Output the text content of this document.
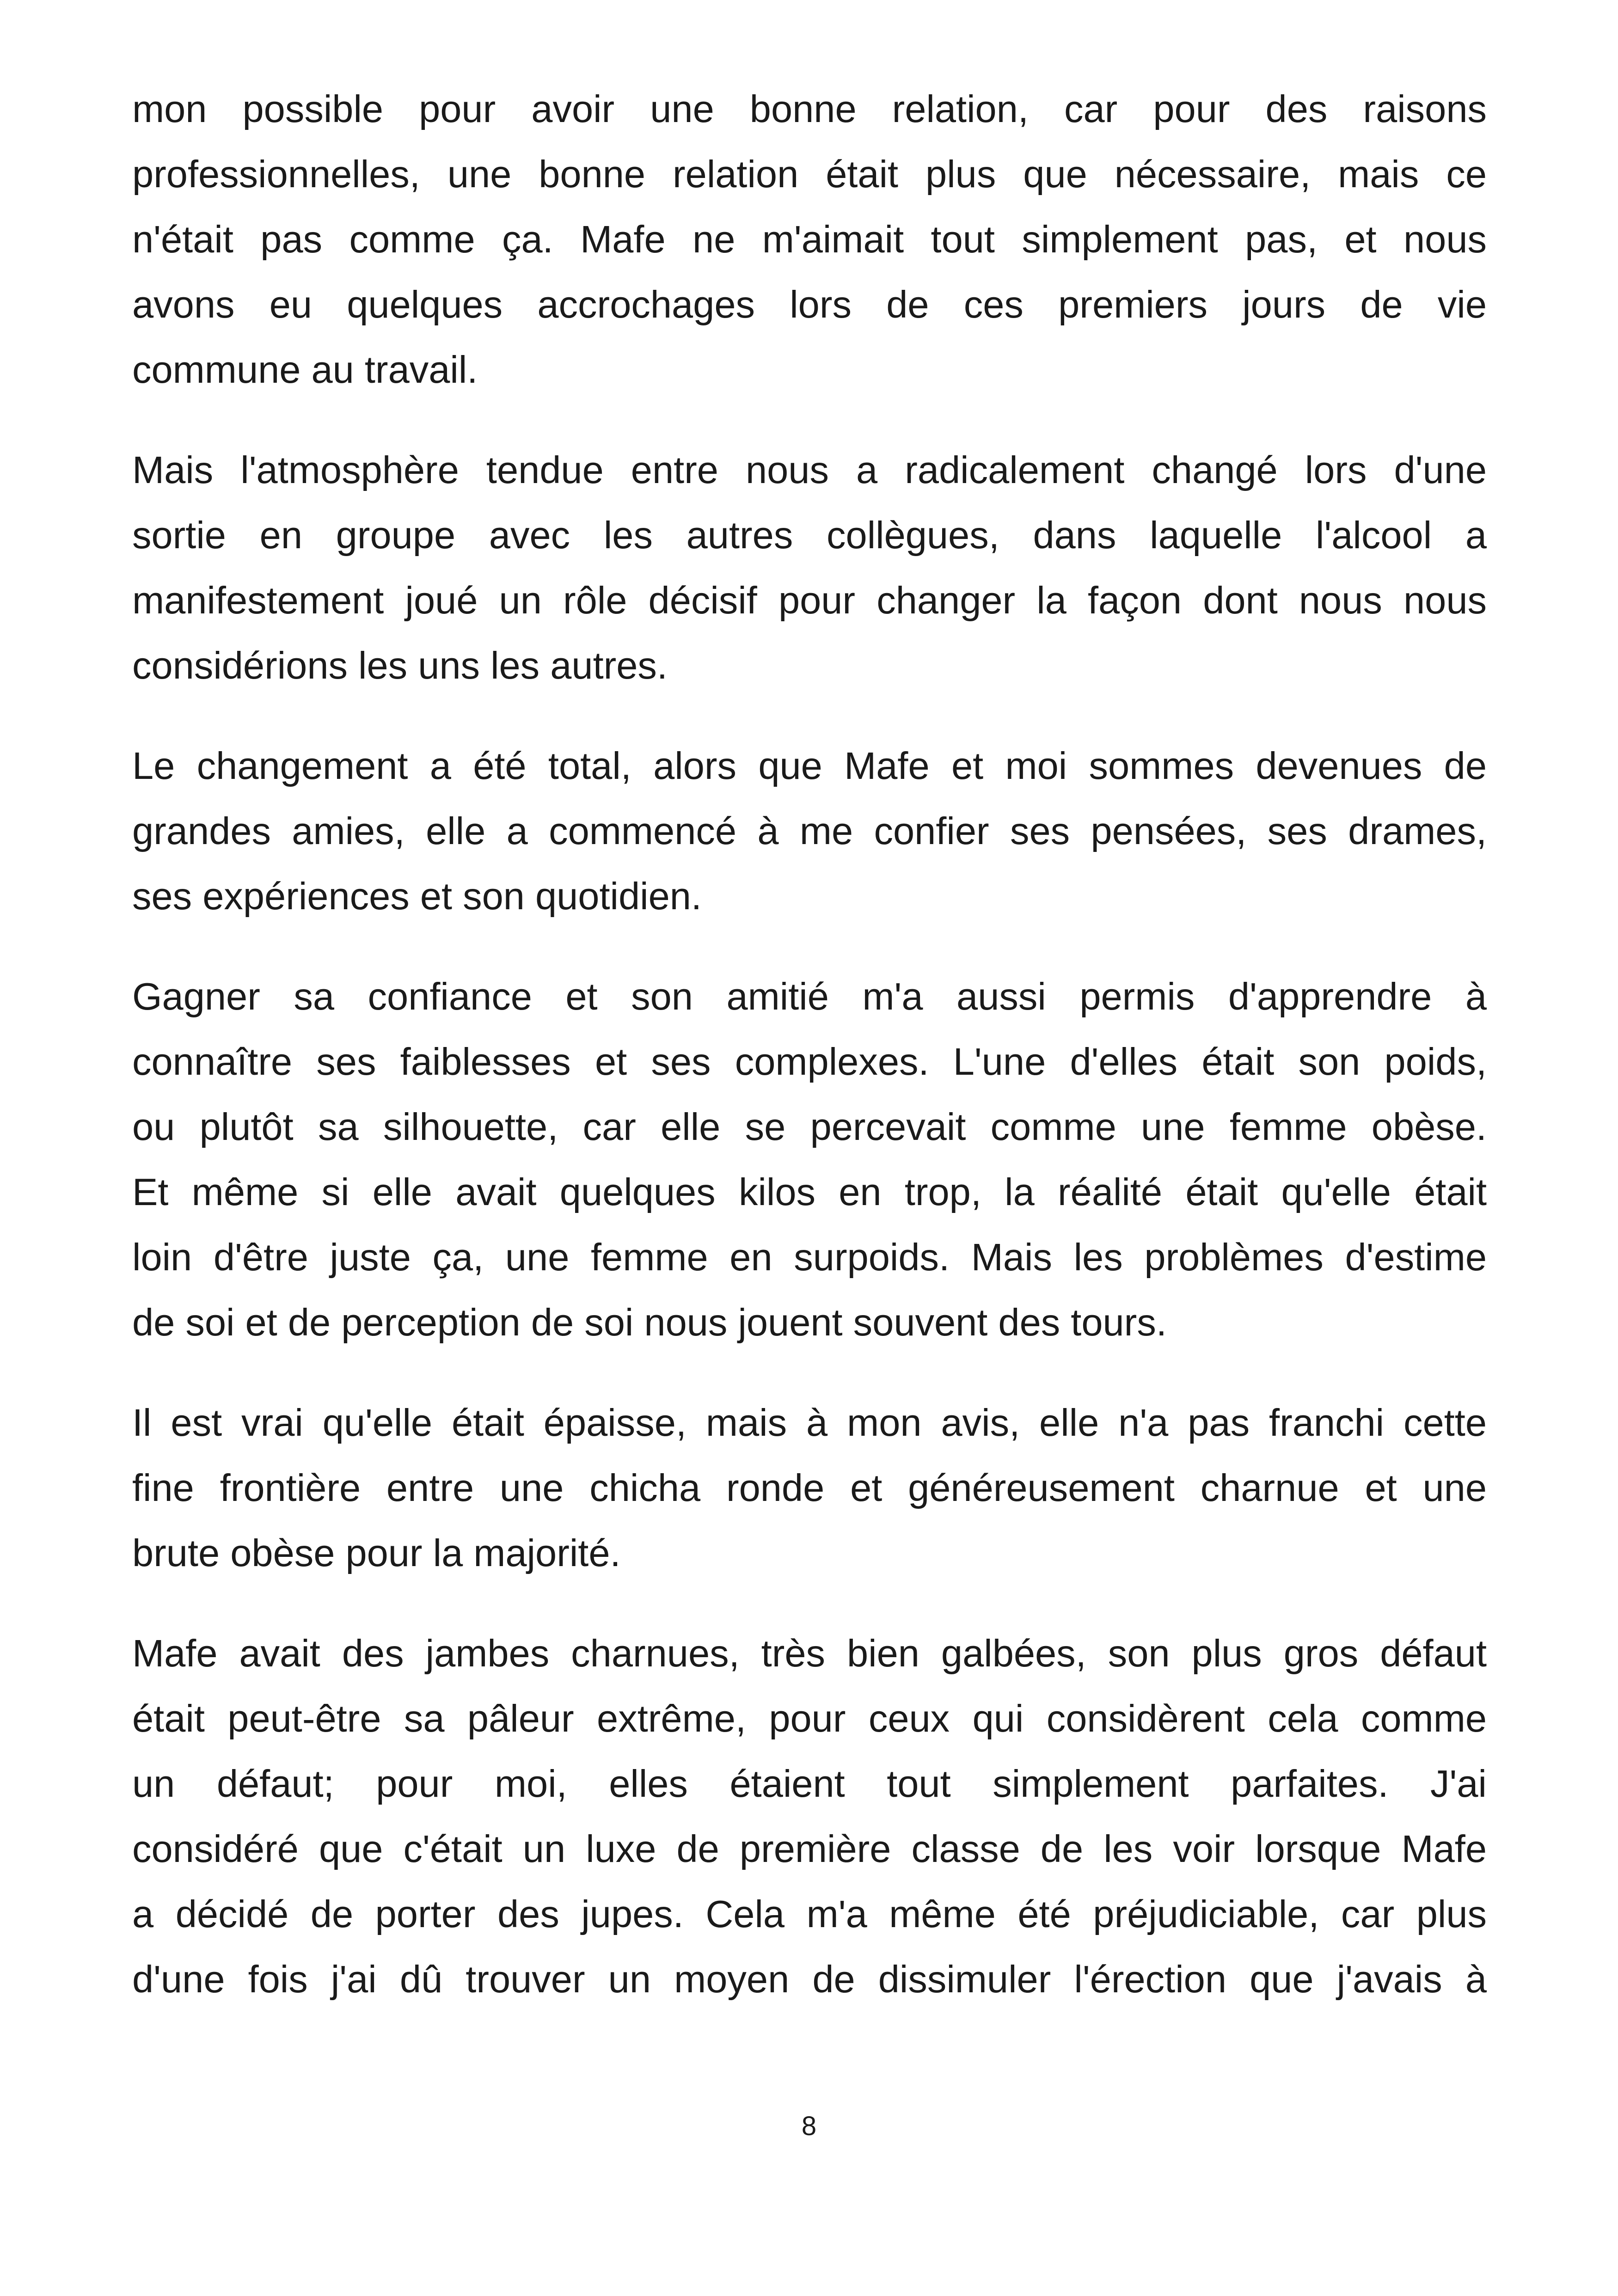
mon possible pour avoir une bonne relation, car pour des raisons
professionnelles, une bonne relation était plus que nécessaire, mais ce
n'était pas comme ça. Mafe ne m'aimait tout simplement pas, et nous
avons eu quelques accrochages lors de ces premiers jours de vie
commune au travail.

Mais l'atmosphère tendue entre nous a radicalement changé lors d'une
sortie en groupe avec les autres collègues, dans laquelle l'alcool a
manifestement joué un rôle décisif pour changer la façon dont nous nous
considérions les uns les autres.

Le changement a été total, alors que Mafe et moi sommes devenues de
grandes amies, elle a commencé à me confier ses pensées, ses drames,
ses expériences et son quotidien.

Gagner sa confiance et son amitié m'a aussi permis d'apprendre à
connaître ses faiblesses et ses complexes. L'une d'elles était son poids,
ou plutôt sa silhouette, car elle se percevait comme une femme obèse.
Et même si elle avait quelques kilos en trop, la réalité était qu'elle était
loin d'être juste ça, une femme en surpoids. Mais les problèmes d'estime
de soi et de perception de soi nous jouent souvent des tours.

Il est vrai qu'elle était épaisse, mais à mon avis, elle n'a pas franchi cette
fine frontière entre une chicha ronde et généreusement charnue et une
brute obèse pour la majorité.

Mafe avait des jambes charnues, très bien galbées, son plus gros défaut
était peut-être sa pâleur extrême, pour ceux qui considèrent cela comme
un défaut; pour moi, elles étaient tout simplement parfaites. J'ai
considéré que c'était un luxe de première classe de les voir lorsque Mafe
a décidé de porter des jupes. Cela m'a même été préjudiciable, car plus
d'une fois j'ai dû trouver un moyen de dissimuler l'érection que j'avais à

8
